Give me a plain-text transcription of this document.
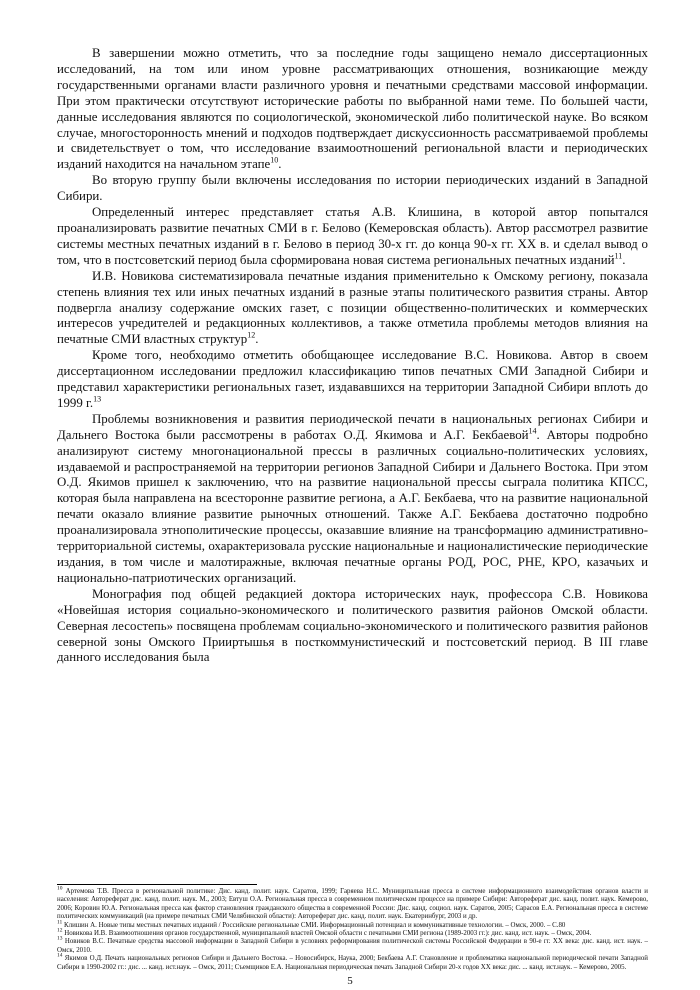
В завершении можно отметить, что за последние годы защищено немало диссертационных исследований, на том или ином уровне рассматривающих отношения, возникающие между государственными органами власти различного уровня и печатными средствами массовой информации. При этом практически отсутствуют исторические работы по выбранной нами теме. По большей части, данные исследования являются по социологической, экономической либо политической науке. Во всяком случае, многосторонность мнений и подходов подтверждает дискуссионность рассматриваемой проблемы и свидетельствует о том, что исследование взаимоотношений региональной власти и периодических изданий находится на начальном этапе$^{10}$.

Во вторую группу были включены исследования по истории периодических изданий в Западной Сибири.

Определенный интерес представляет статья А.В. Клишина, в которой автор попытался проанализировать развитие печатных СМИ в г. Белово (Кемеровская область). Автор рассмотрел развитие системы местных печатных изданий в г. Белово в период 30-х гг. до конца 90-х гг. XX в. и сделал вывод о том, что в постсоветский период была сформирована новая система региональных печатных изданий$^{11}$.

И.В. Новикова систематизировала печатные издания применительно к Омскому региону, показала степень влияния тех или иных печатных изданий в разные этапы политического развития страны. Автор подвергла анализу содержание омских газет, с позиции общественно-политических и коммерческих интересов учредителей и редакционных коллективов, а также отметила проблемы методов влияния на печатные СМИ властных структур$^{12}$.

Кроме того, необходимо отметить обобщающее исследование В.С. Новикова. Автор в своем диссертационном исследовании предложил классификацию типов печатных СМИ Западной Сибири и представил характеристики региональных газет, издававшихся на территории Западной Сибири вплоть до 1999 г.$^{13}$

Проблемы возникновения и развития периодической печати в национальных регионах Сибири и Дальнего Востока были рассмотрены в работах О.Д. Якимова и А.Г. Бекбаевой$^{14}$. Авторы подробно анализируют систему многонациональной прессы в различных социально-политических условиях, издаваемой и распространяемой на территории регионов Западной Сибири и Дальнего Востока. При этом О.Д. Якимов пришел к заключению, что на развитие национальной прессы сыграла политика КПСС, которая была направлена на всесторонне развитие региона, а А.Г. Бекбаева, что на развитие национальной печати оказало влияние развитие рыночных отношений. Также А.Г. Бекбаева достаточно подробно проанализировала этнополитические процессы, оказавшие влияние на трансформацию административно-территориальной системы, охарактеризовала русские национальные и националистические периодические издания, в том числе и малотиражные, включая печатные органы РОД, РОС, РНЕ, КРО, казачьих и национально-патриотических организаций.

Монография под общей редакцией доктора исторических наук, профессора С.В. Новикова «Новейшая история социально-экономического и политического развития районов Омской области. Северная лесостепь» посвящена проблемам социально-экономического и политического развития районов северной зоны Омского Прииртышья в посткоммунистический и постсоветский период. В III главе данного исследования была

$^{10}$ Артемова Т.В. Пресса в региональной политике: Дис. канд. полит. наук. Саратов, 1999; Гаряева Н.С. Муниципальная пресса в системе информационного взаимодействия органов власти и населения: Автореферат дис. канд. полит. наук. М., 2003; Евтуш О.А. Региональная пресса в современном политическом процессе на примере Сибири: Автореферат дис. канд. полит. наук. Кемерово, 2006; Коровин Ю.А. Региональная пресса как фактор становления гражданского общества в современной России: Дис. канд. социол. наук. Саратов, 2005; Сарасов Е.А. Региональная пресса в системе политических коммуникаций (на примере печатных СМИ Челябинской области): Автореферат дис. канд. полит. наук. Екатеринбург, 2003 и др.

$^{11}$ Клишин А. Новые типы местных печатных изданий / Российские региональные СМИ. Информационный потенциал и коммуникативные технологии. – Омск, 2000. – С.80

$^{12}$ Новикова И.В. Взаимоотношения органов государственной, муниципальной властей Омской области с печатными СМИ региона (1989-2003 гг.): дис. канд. ист. наук. – Омск, 2004.

$^{13}$ Новиков В.С. Печатные средства массовой информации в Западной Сибири в условиях реформирования политической системы Российской Федерации в 90-е гг. XX века: дис. канд. ист. наук. – Омск, 2010.

$^{14}$ Якимов О.Д. Печать национальных регионов Сибири и Дальнего Востока. – Новосибирск, Наука, 2000; Бекбаева А.Г. Становление и проблематика национальной периодической печати Западной Сибири в 1990-2002 гг.: дис. ... канд. ист.наук. – Омск, 2011; Съемщиков Е.А. Национальная периодическая печать Западной Сибири 20-х годов XX века: дис. ... канд. ист.наук. – Кемерово, 2005.

5
